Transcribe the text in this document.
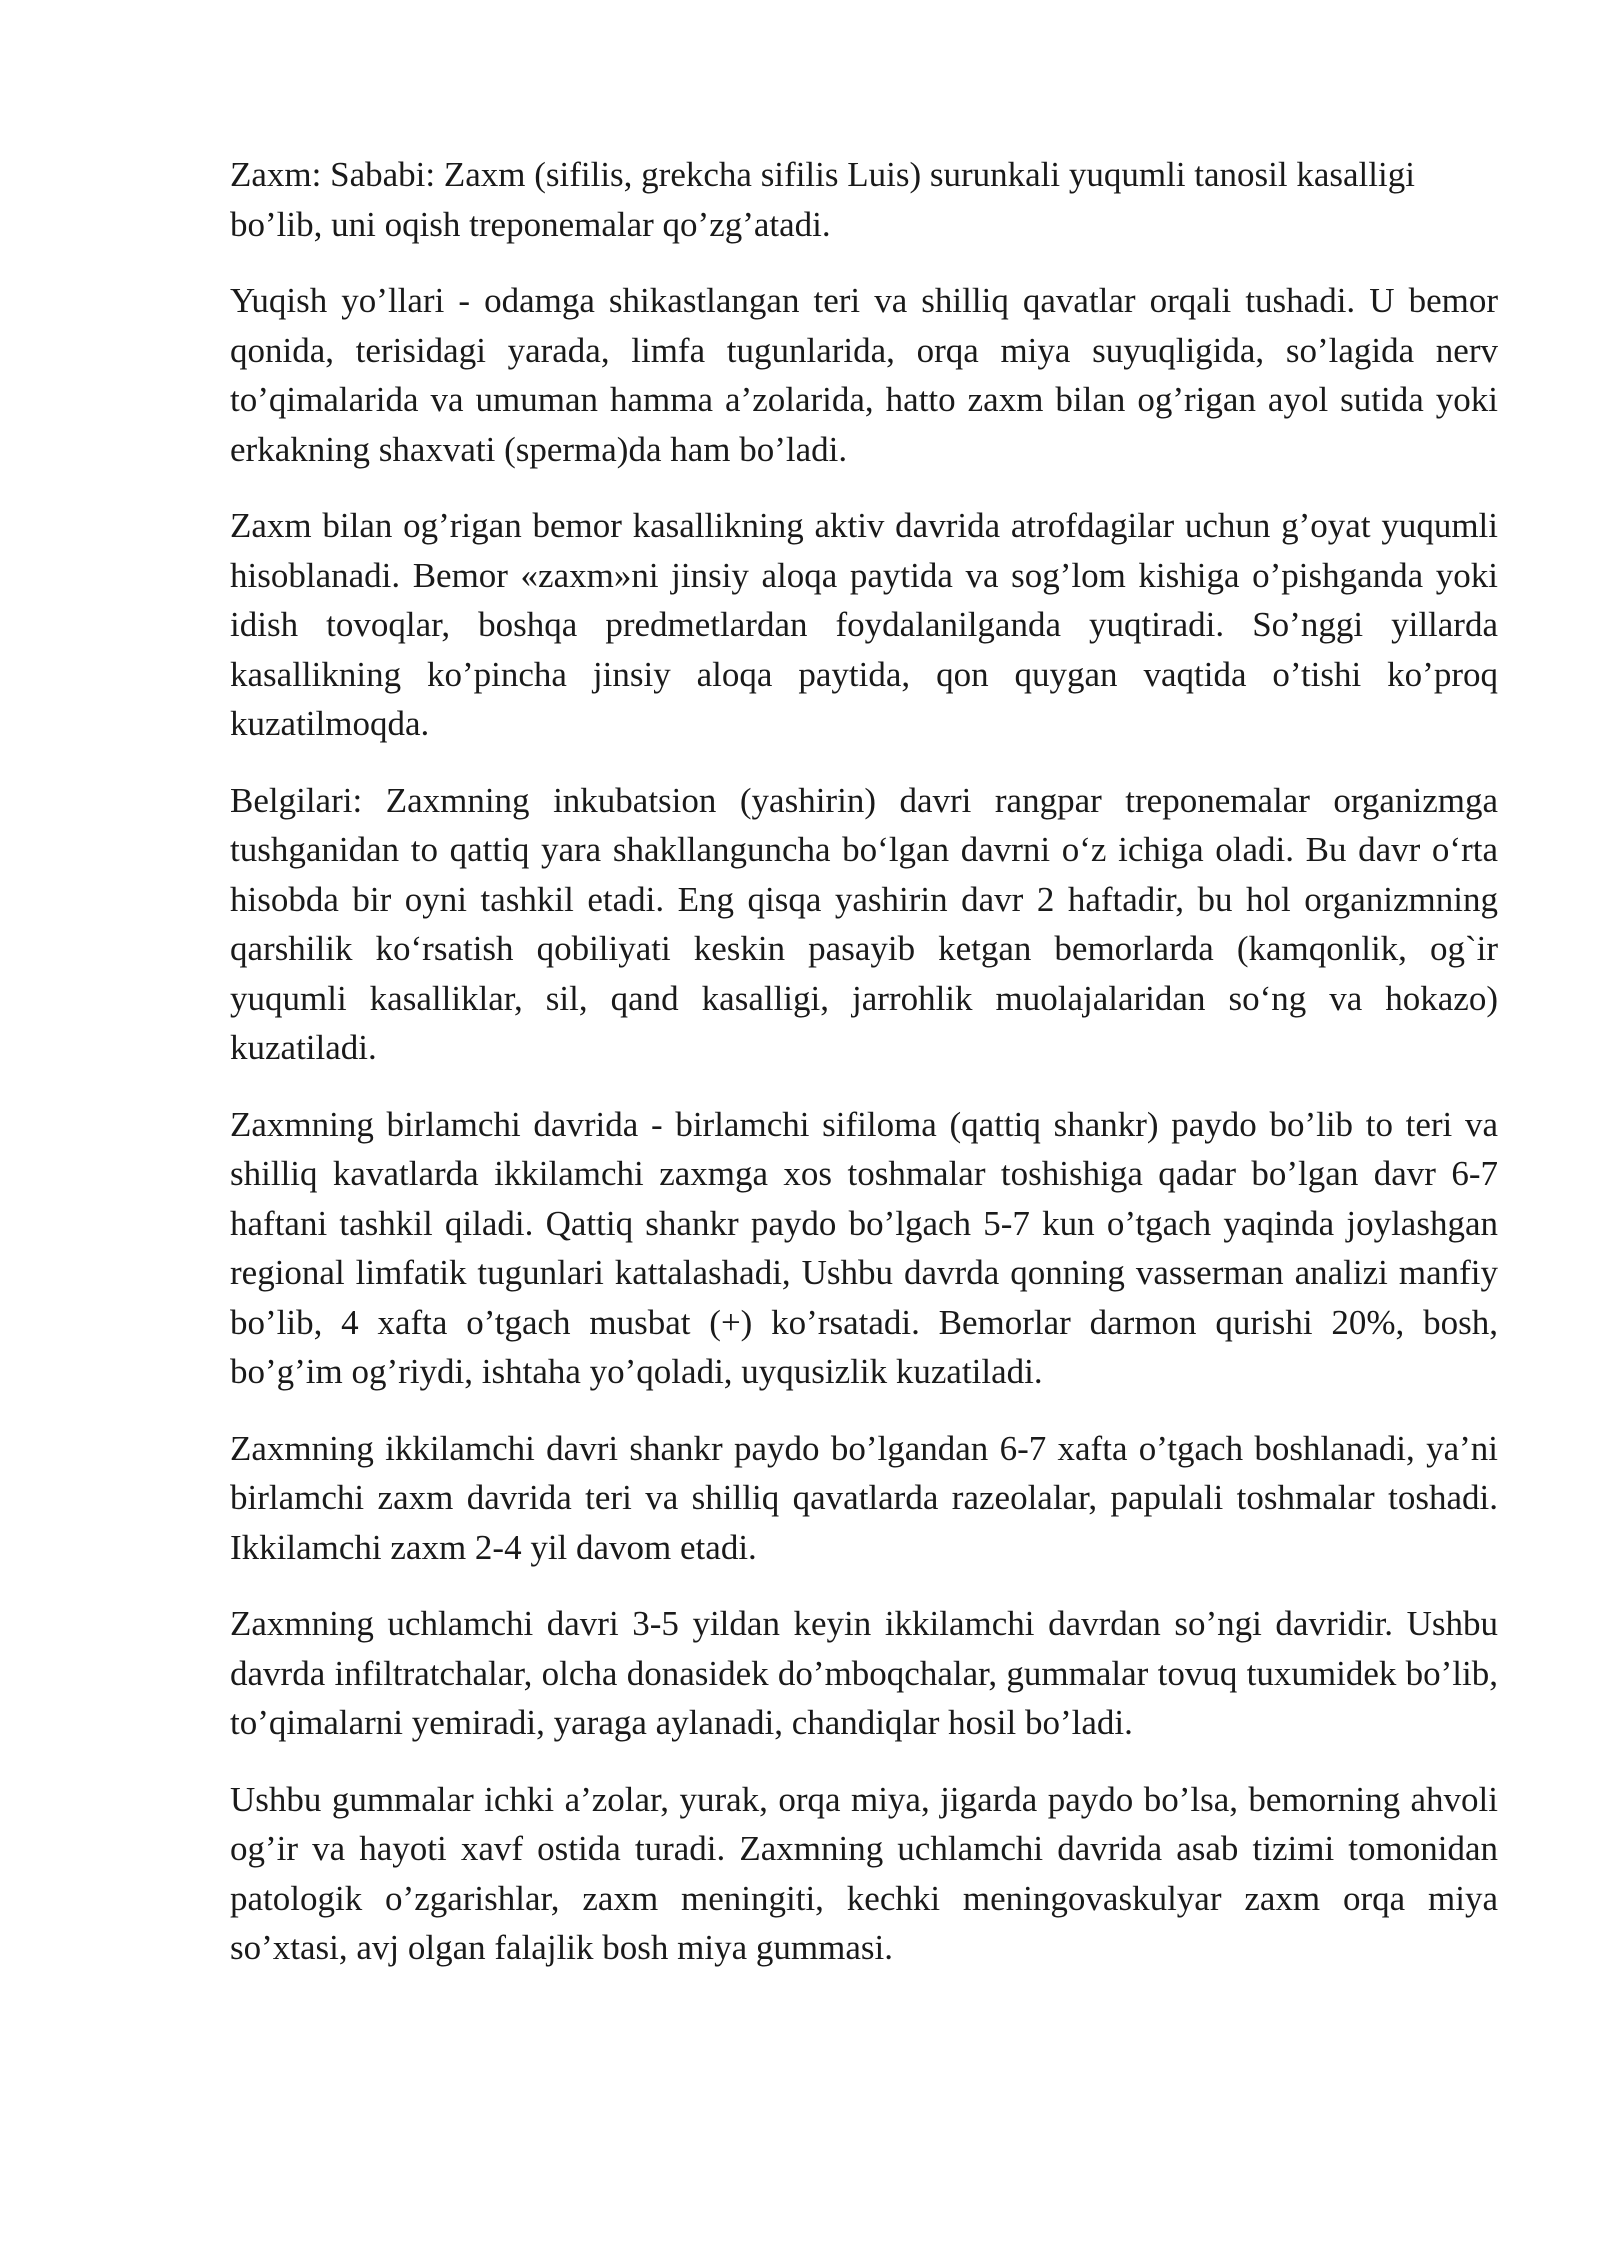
Zaxm: Sababi: Zaxm (sifilis, grekcha sifilis Luis) surunkali yuqumli tanosil kasalligi bo’lib, uni oqish treponemalar qo’zg’atadi.

Yuqish yo’llari - odamga shikastlangan teri va shilliq qavatlar orqali tushadi. U bemor qonida, terisidagi yarada, limfa tugunlarida, orqa miya suyuqligida, so’lagida nerv to’qimalarida va umuman hamma a’zolarida, hatto zaxm bilan og’rigan ayol sutida yoki erkakning shaxvati (sperma)da ham bo’ladi.

Zaxm bilan og’rigan bemor kasallikning aktiv davrida atrofdagilar uchun g’oyat yuqumli hisoblanadi. Bemor «zaxm»ni jinsiy aloqa paytida va sog’lom kishiga o’pishganda yoki idish tovoqlar, boshqa predmetlardan foydalanilganda yuqtiradi. So’nggi yillarda kasallikning ko’pincha jinsiy aloqa paytida, qon quygan vaqtida o’tishi ko’proq kuzatilmoqda.

Belgilari: Zaxmning inkubatsion (yashirin) davri rangpar treponemalar organizmga tushganidan to qattiq yara shakllanguncha bo‘lgan davrni o‘z ichiga oladi. Bu davr o‘rta hisobda bir oyni tashkil etadi. Eng qisqa yashirin davr 2 haftadir, bu hol organizmning qarshilik ko‘rsatish qobiliyati keskin pasayib ketgan bemorlarda (kamqonlik, og`ir yuqumli kasalliklar, sil, qand kasalligi, jarrohlik muolajalaridan so‘ng va hokazo) kuzatiladi.

Zaxmning birlamchi davrida - birlamchi sifiloma (qattiq shankr) paydo bo’lib to teri va shilliq kavatlarda ikkilamchi zaxmga xos toshmalar toshishiga qadar bo’lgan davr 6-7 haftani tashkil qiladi. Qattiq shankr paydo bo’lgach 5-7 kun o’tgach yaqinda joylashgan regional limfatik tugunlari kattalashadi, Ushbu davrda qonning vasserman analizi manfiy bo’lib, 4 xafta o’tgach musbat (+) ko’rsatadi. Bemorlar darmon qurishi 20%, bosh, bo’g’im og’riydi, ishtaha yo’qoladi, uyqusizlik kuzatiladi.

Zaxmning ikkilamchi davri shankr paydo bo’lgandan 6-7 xafta o’tgach boshlanadi, ya’ni birlamchi zaxm davrida teri va shilliq qavatlarda razeolalar, papulali toshmalar toshadi. Ikkilamchi zaxm 2-4 yil davom etadi.

Zaxmning uchlamchi davri 3-5 yildan keyin ikkilamchi davrdan so’ngi davridir. Ushbu davrda infiltratchalar, olcha donasidek do’mboqchalar, gummalar tovuq tuxumidek bo’lib, to’qimalarni yemiradi, yaraga aylanadi, chandiqlar hosil bo’ladi.

Ushbu gummalar ichki a’zolar, yurak, orqa miya, jigarda paydo bo’lsa, bemorning ahvoli og’ir va hayoti xavf ostida turadi. Zaxmning uchlamchi davrida asab tizimi tomonidan patologik o’zgarishlar, zaxm meningiti, kechki meningovaskulyar zaxm orqa miya so’xtasi, avj olgan falajlik bosh miya gummasi.
